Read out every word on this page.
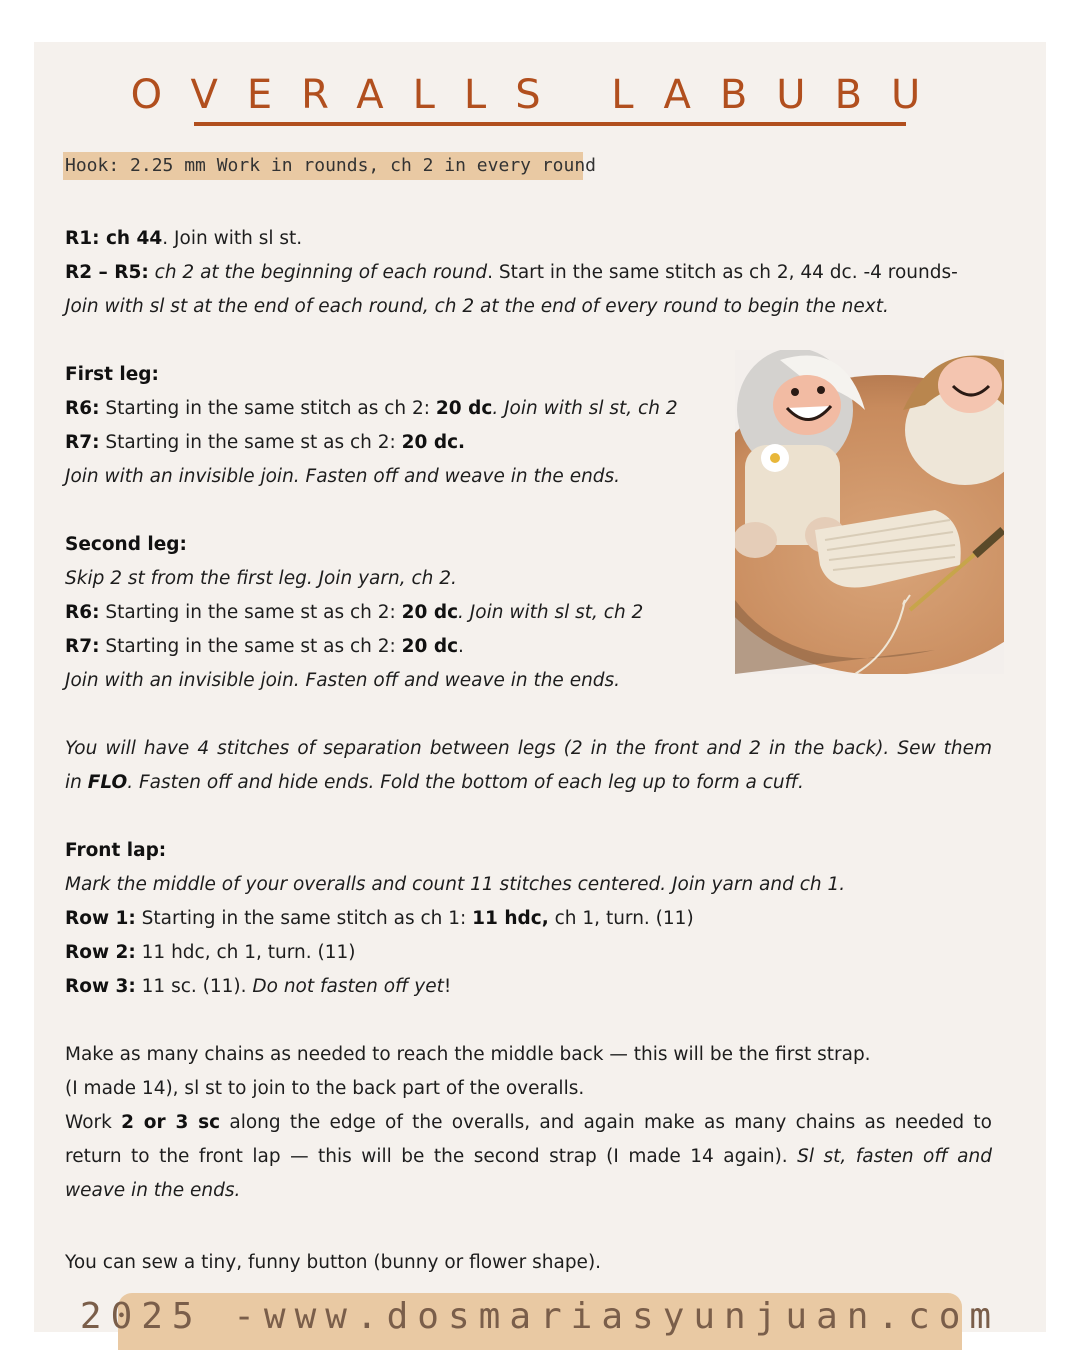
OVERALLS LABUBU
Hook: 2.25 mm Work in rounds, ch 2 in every round
R1: ch 44. Join with sl st.
R2 – R5: ch 2 at the beginning of each round. Start in the same stitch as ch 2, 44 dc. -4 rounds-
Join with sl st at the end of each round, ch 2 at the end of every round to begin the next.
First leg:
R6: Starting in the same stitch as ch 2: 20 dc. Join with sl st, ch 2
R7: Starting in the same st as ch 2: 20 dc.
Join with an invisible join. Fasten off and weave in the ends.
Second leg:
Skip 2 st from the first leg. Join yarn, ch 2.
R6: Starting in the same st as ch 2: 20 dc. Join with sl st, ch 2
R7: Starting in the same st as ch 2: 20 dc.
Join with an invisible join. Fasten off and weave in the ends.
You will have 4 stitches of separation between legs (2 in the front and 2 in the back). Sew them
in FLO. Fasten off and hide ends. Fold the bottom of each leg up to form a cuff.
Front lap:
Mark the middle of your overalls and count 11 stitches centered. Join yarn and ch 1.
Row 1: Starting in the same stitch as ch 1: 11 hdc, ch 1, turn. (11)
Row 2: 11 hdc, ch 1, turn. (11)
Row 3: 11 sc. (11). Do not fasten off yet!
Make as many chains as needed to reach the middle back — this will be the first strap.
(I made 14), sl st to join to the back part of the overalls.
Work 2 or 3 sc along the edge of the overalls, and again make as many chains as needed to
return to the front lap — this will be the second strap (I made 14 again). Sl st, fasten off and
weave in the ends.
You can sew a tiny, funny button (bunny or flower shape).
2025 -www.dosmariasyunjuan.com
